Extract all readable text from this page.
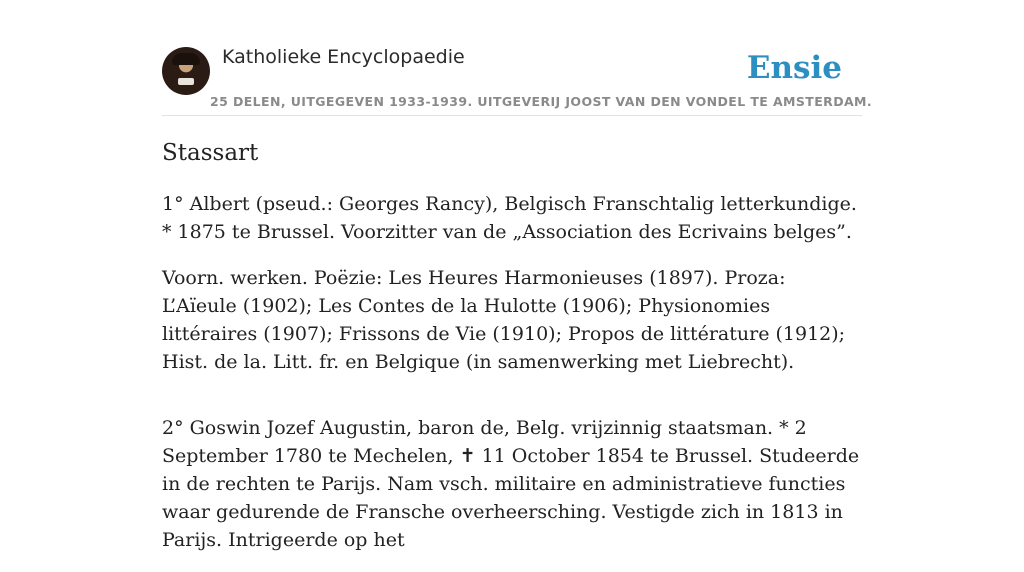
Katholieke Encyclopaedie	Ensie
25 DELEN, UITGEGEVEN 1933-1939. UITGEVERIJ JOOST VAN DEN VONDEL TE AMSTERDAM.
Stassart

1° Albert (pseud.: Georges Rancy), Belgisch Franschtalig letterkundige. * 1875 te Brussel. Voorzitter van de „Association des Ecrivains belges”.

Voorn. werken. Poëzie: Les Heures Harmonieuses (1897). Proza: L’Aïeule (1902); Les Contes de la Hulotte (1906); Physionomies littéraires (1907); Frissons de Vie (1910); Propos de littérature (1912); Hist. de la. Litt. fr. en Belgique (in samenwerking met Liebrecht).

2° Goswin Jozef Augustin, baron de, Belg. vrijzinnig staatsman. * 2 September 1780 te Mechelen, ✝ 11 October 1854 te Brussel. Studeerde in de rechten te Parijs. Nam vsch. militaire en administratieve functies waar gedurende de Fransche overheersching. Vestigde zich in 1813 in Parijs. Intrigeerde op het
